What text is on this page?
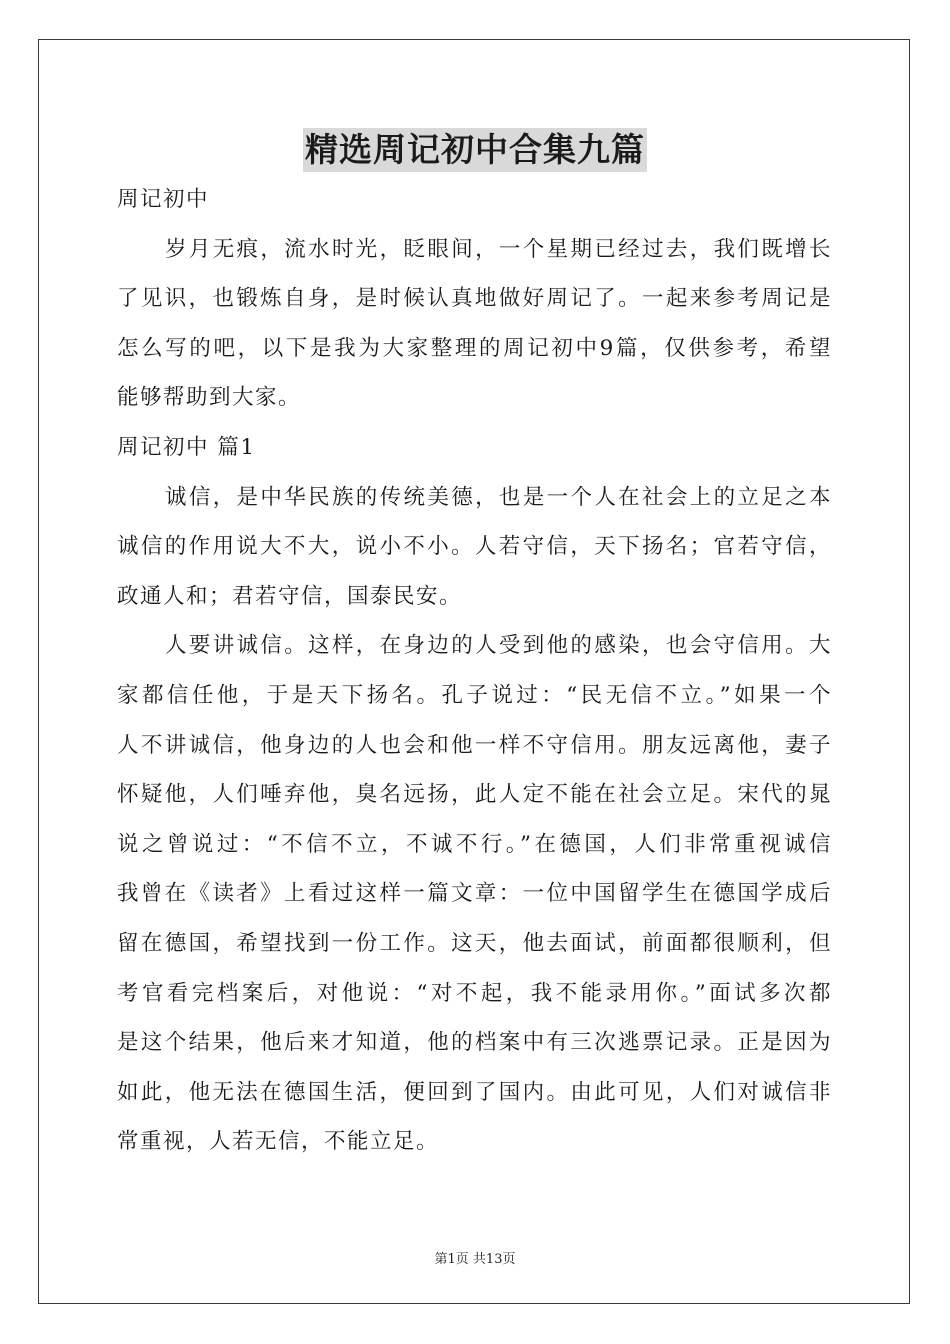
精选周记初中合集九篇
周记初中
岁月无痕，流水时光，眨眼间，一个星期已经过去，我们既增长
了见识，也锻炼自身，是时候认真地做好周记了。一起来参考周记是
怎么写的吧，以下是我为大家整理的周记初中9篇，仅供参考，希望
能够帮助到大家。
周记初中 篇1
诚信，是中华民族的传统美德，也是一个人在社会上的立足之本
诚信的作用说大不大，说小不小。人若守信，天下扬名；官若守信，
政通人和；君若守信，国泰民安。
人要讲诚信。这样，在身边的人受到他的感染，也会守信用。大
家都信任他，于是天下扬名。孔子说过：“民无信不立。”如果一个
人不讲诚信，他身边的人也会和他一样不守信用。朋友远离他，妻子
怀疑他，人们唾弃他，臭名远扬，此人定不能在社会立足。宋代的晁
说之曾说过：“不信不立，不诚不行。”在德国，人们非常重视诚信
我曾在《读者》上看过这样一篇文章：一位中国留学生在德国学成后
留在德国，希望找到一份工作。这天，他去面试，前面都很顺利，但
考官看完档案后，对他说：“对不起，我不能录用你。”面试多次都
是这个结果，他后来才知道，他的档案中有三次逃票记录。正是因为
如此，他无法在德国生活，便回到了国内。由此可见，人们对诚信非
常重视，人若无信，不能立足。
第1页 共13页
